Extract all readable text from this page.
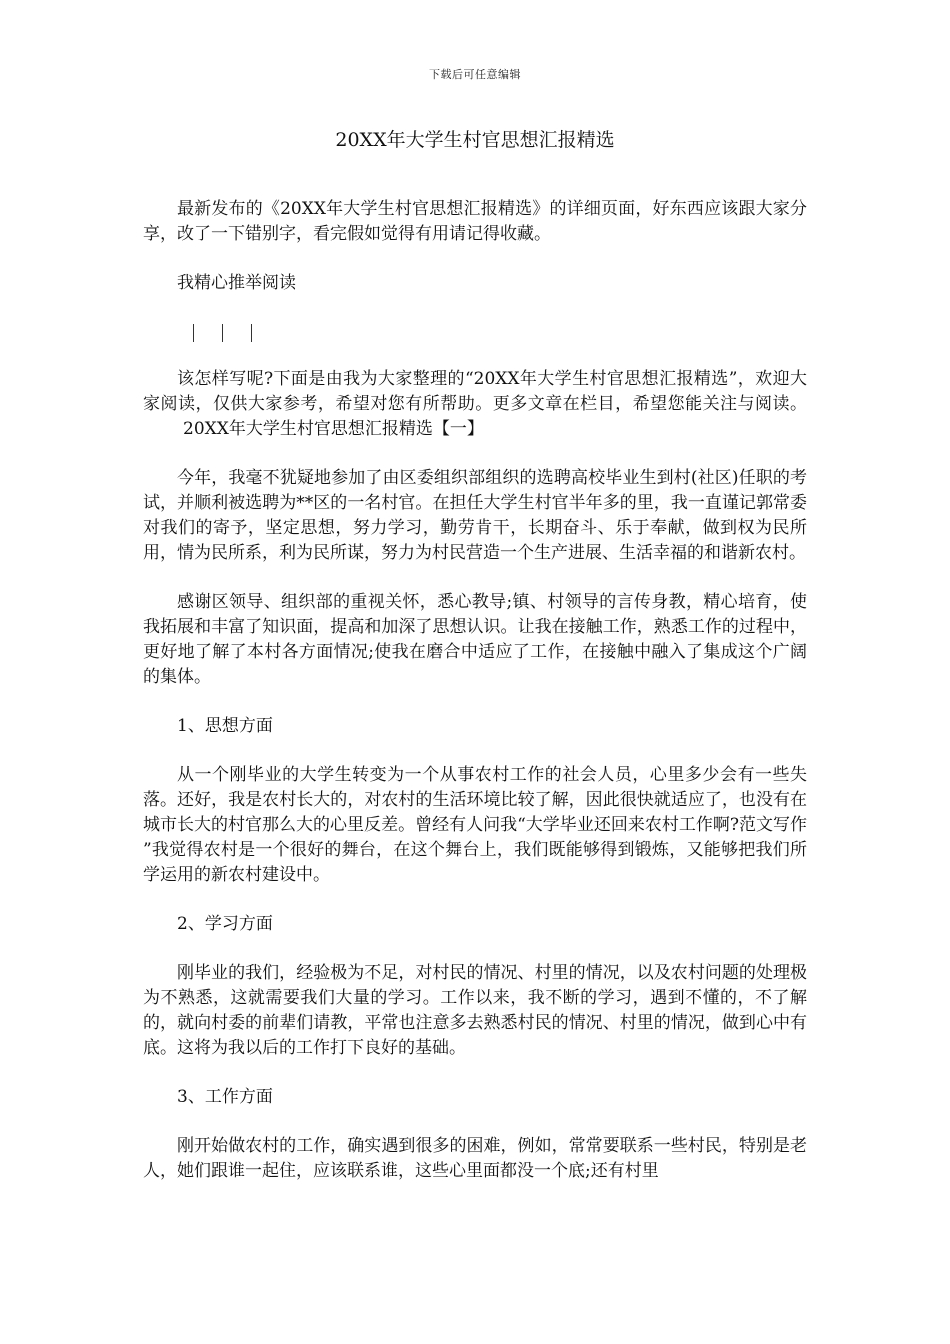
下载后可任意编辑
20XX年大学生村官思想汇报精选

最新发布的《20XX年大学生村官思想汇报精选》的详细页面，好东西应该跟大家分享，改了一下错别字，看完假如觉得有用请记得收藏。

我精心推举阅读

该怎样写呢?下面是由我为大家整理的“20XX年大学生村官思想汇报精选”，欢迎大家阅读，仅供大家参考，希望对您有所帮助。更多文章在栏目，希望您能关注与阅读。20XX年大学生村官思想汇报精选【一】

今年，我毫不犹疑地参加了由区委组织部组织的选聘高校毕业生到村(社区)任职的考试，并顺利被选聘为**区的一名村官。在担任大学生村官半年多的里，我一直谨记郭常委对我们的寄予，坚定思想，努力学习，勤劳肯干，长期奋斗、乐于奉献，做到权为民所用，情为民所系，利为民所谋，努力为村民营造一个生产进展、生活幸福的和谐新农村。

感谢区领导、组织部的重视关怀，悉心教导;镇、村领导的言传身教，精心培育，使我拓展和丰富了知识面，提高和加深了思想认识。让我在接触工作，熟悉工作的过程中，更好地了解了本村各方面情况;使我在磨合中适应了工作，在接触中融入了集成这个广阔的集体。

1、思想方面

从一个刚毕业的大学生转变为一个从事农村工作的社会人员，心里多少会有一些失落。还好，我是农村长大的，对农村的生活环境比较了解，因此很快就适应了，也没有在城市长大的村官那么大的心里反差。曾经有人问我“大学毕业还回来农村工作啊?范文写作 ”我觉得农村是一个很好的舞台，在这个舞台上，我们既能够得到锻炼，又能够把我们所学运用的新农村建设中。

2、学习方面

刚毕业的我们，经验极为不足，对村民的情况、村里的情况，以及农村问题的处理极为不熟悉，这就需要我们大量的学习。工作以来，我不断的学习，遇到不懂的，不了解的，就向村委的前辈们请教，平常也注意多去熟悉村民的情况、村里的情况，做到心中有底。这将为我以后的工作打下良好的基础。

3、工作方面

刚开始做农村的工作，确实遇到很多的困难，例如，常常要联系一些村民，特别是老人，她们跟谁一起住，应该联系谁，这些心里面都没一个底;还有村里
